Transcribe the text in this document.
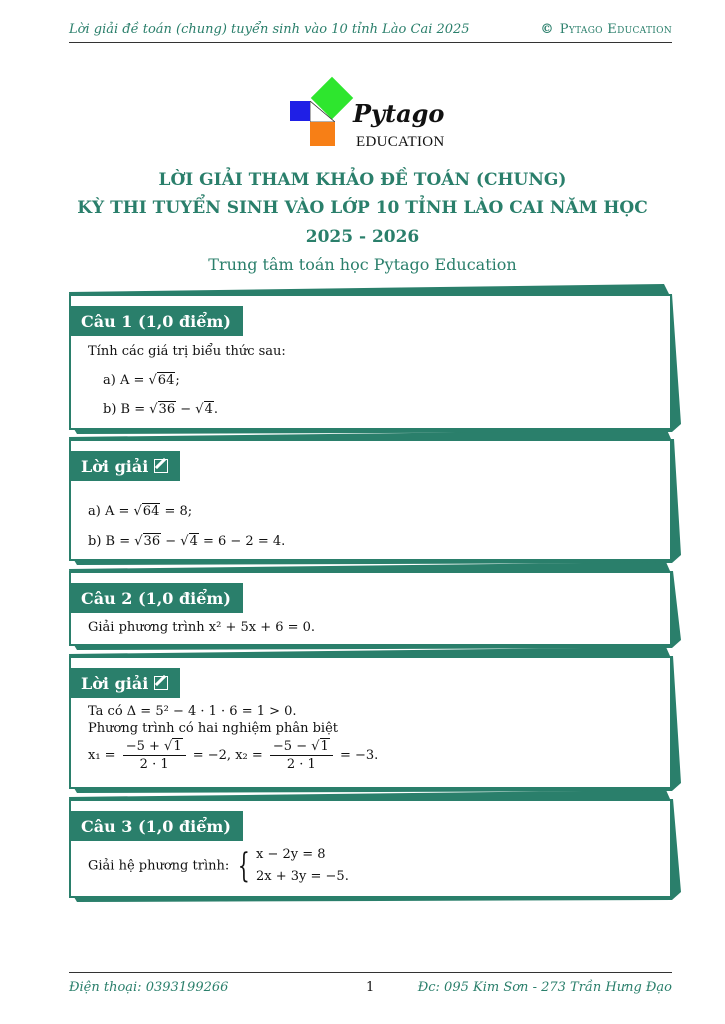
Lời giải đề toán (chung) tuyển sinh vào 10 tỉnh Lào Cai 2025	© Pytago Education
Pytago
EDUCATION
LỜI GIẢI THAM KHẢO ĐỀ TOÁN (CHUNG)
KỲ THI TUYỂN SINH VÀO LỚP 10 TỈNH LÀO CAI NĂM HỌC
2025 - 2026
Trung tâm toán học Pytago Education
Câu 1 (1,0 điểm)
Tính các giá trị biểu thức sau:
a) A = √64;
b) B = √36 − √4.
Lời giải
a) A = √64 = 8;
b) B = √36 − √4 = 6 − 2 = 4.
Câu 2 (1,0 điểm)
Giải phương trình x² + 5x + 6 = 0.
Lời giải
Ta có Δ = 5² − 4 · 1 · 6 = 1 > 0.
Phương trình có hai nghiệm phân biệt
$x_1 = \frac{-5 + √1}{2 \cdot 1} = -2$, $x_2 = \frac{-5 - √1}{2 \cdot 1} = -3$.
Câu 3 (1,0 điểm)
Giải hệ phương trình: { x − 2y = 8
2x + 3y = −5.
Điện thoại: 0393199266	1	Đc: 095 Kim Sơn - 273 Trần Hưng Đạo
